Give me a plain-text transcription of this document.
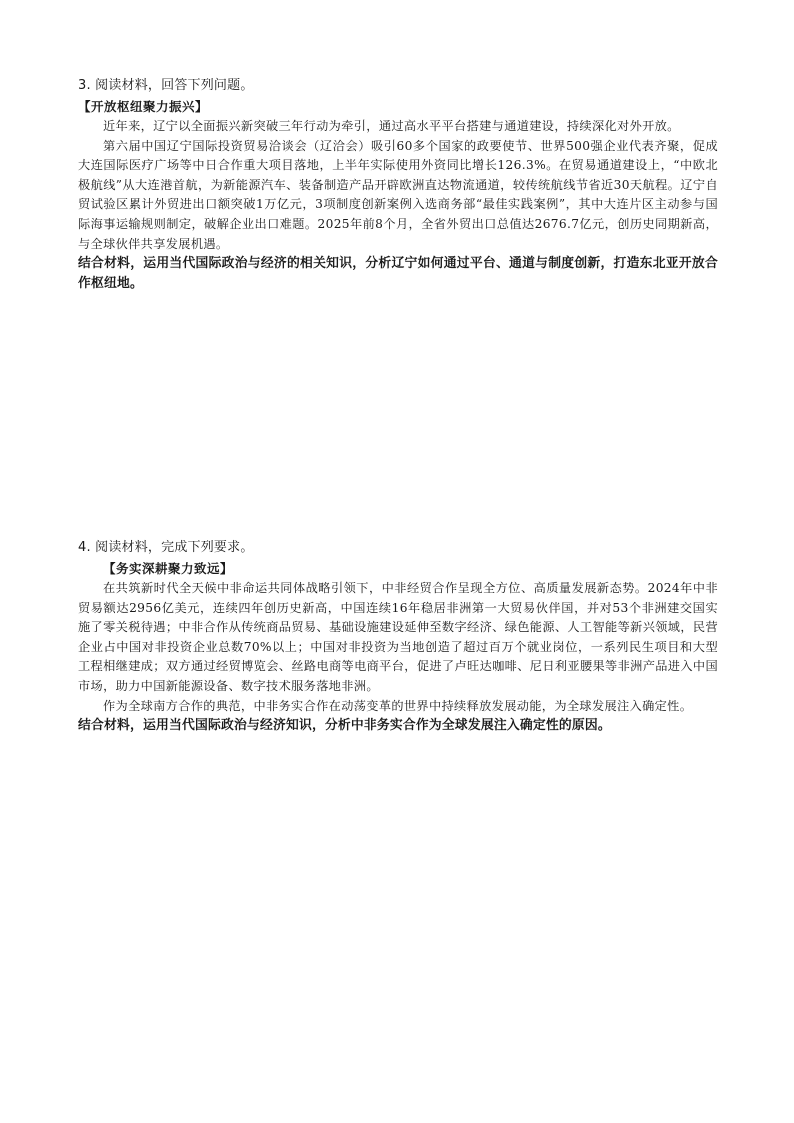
3. 阅读材料，回答下列问题。

【开放枢纽聚力振兴】

近年来，辽宁以全面振兴新突破三年行动为牵引，通过高水平平台搭建与通道建设，持续深化对外开放。

第六届中国辽宁国际投资贸易洽谈会（辽洽会）吸引60多个国家的政要使节、世界500强企业代表齐聚，促成大连国际医疗广场等中日合作重大项目落地，上半年实际使用外资同比增长126.3%。在贸易通道建设上，“中欧北极航线”从大连港首航，为新能源汽车、装备制造产品开辟欧洲直达物流通道，较传统航线节省近30天航程。辽宁自贸试验区累计外贸进出口额突破1万亿元，3项制度创新案例入选商务部“最佳实践案例”，其中大连片区主动参与国际海事运输规则制定，破解企业出口难题。2025年前8个月，全省外贸出口总值达2676.7亿元，创历史同期新高，与全球伙伴共享发展机遇。

结合材料，运用当代国际政治与经济的相关知识，分析辽宁如何通过平台、通道与制度创新，打造东北亚开放合作枢纽地。

4. 阅读材料，完成下列要求。

【务实深耕聚力致远】

在共筑新时代全天候中非命运共同体战略引领下，中非经贸合作呈现全方位、高质量发展新态势。2024年中非贸易额达2956亿美元，连续四年创历史新高，中国连续16年稳居非洲第一大贸易伙伴国，并对53个非洲建交国实施了零关税待遇；中非合作从传统商品贸易、基础设施建设延伸至数字经济、绿色能源、人工智能等新兴领域，民营企业占中国对非投资企业总数70%以上；中国对非投资为当地创造了超过百万个就业岗位，一系列民生项目和大型工程相继建成；双方通过经贸博览会、丝路电商等电商平台，促进了卢旺达咖啡、尼日利亚腰果等非洲产品进入中国市场，助力中国新能源设备、数字技术服务落地非洲。

作为全球南方合作的典范，中非务实合作在动荡变革的世界中持续释放发展动能，为全球发展注入确定性。

结合材料，运用当代国际政治与经济知识，分析中非务实合作为全球发展注入确定性的原因。
